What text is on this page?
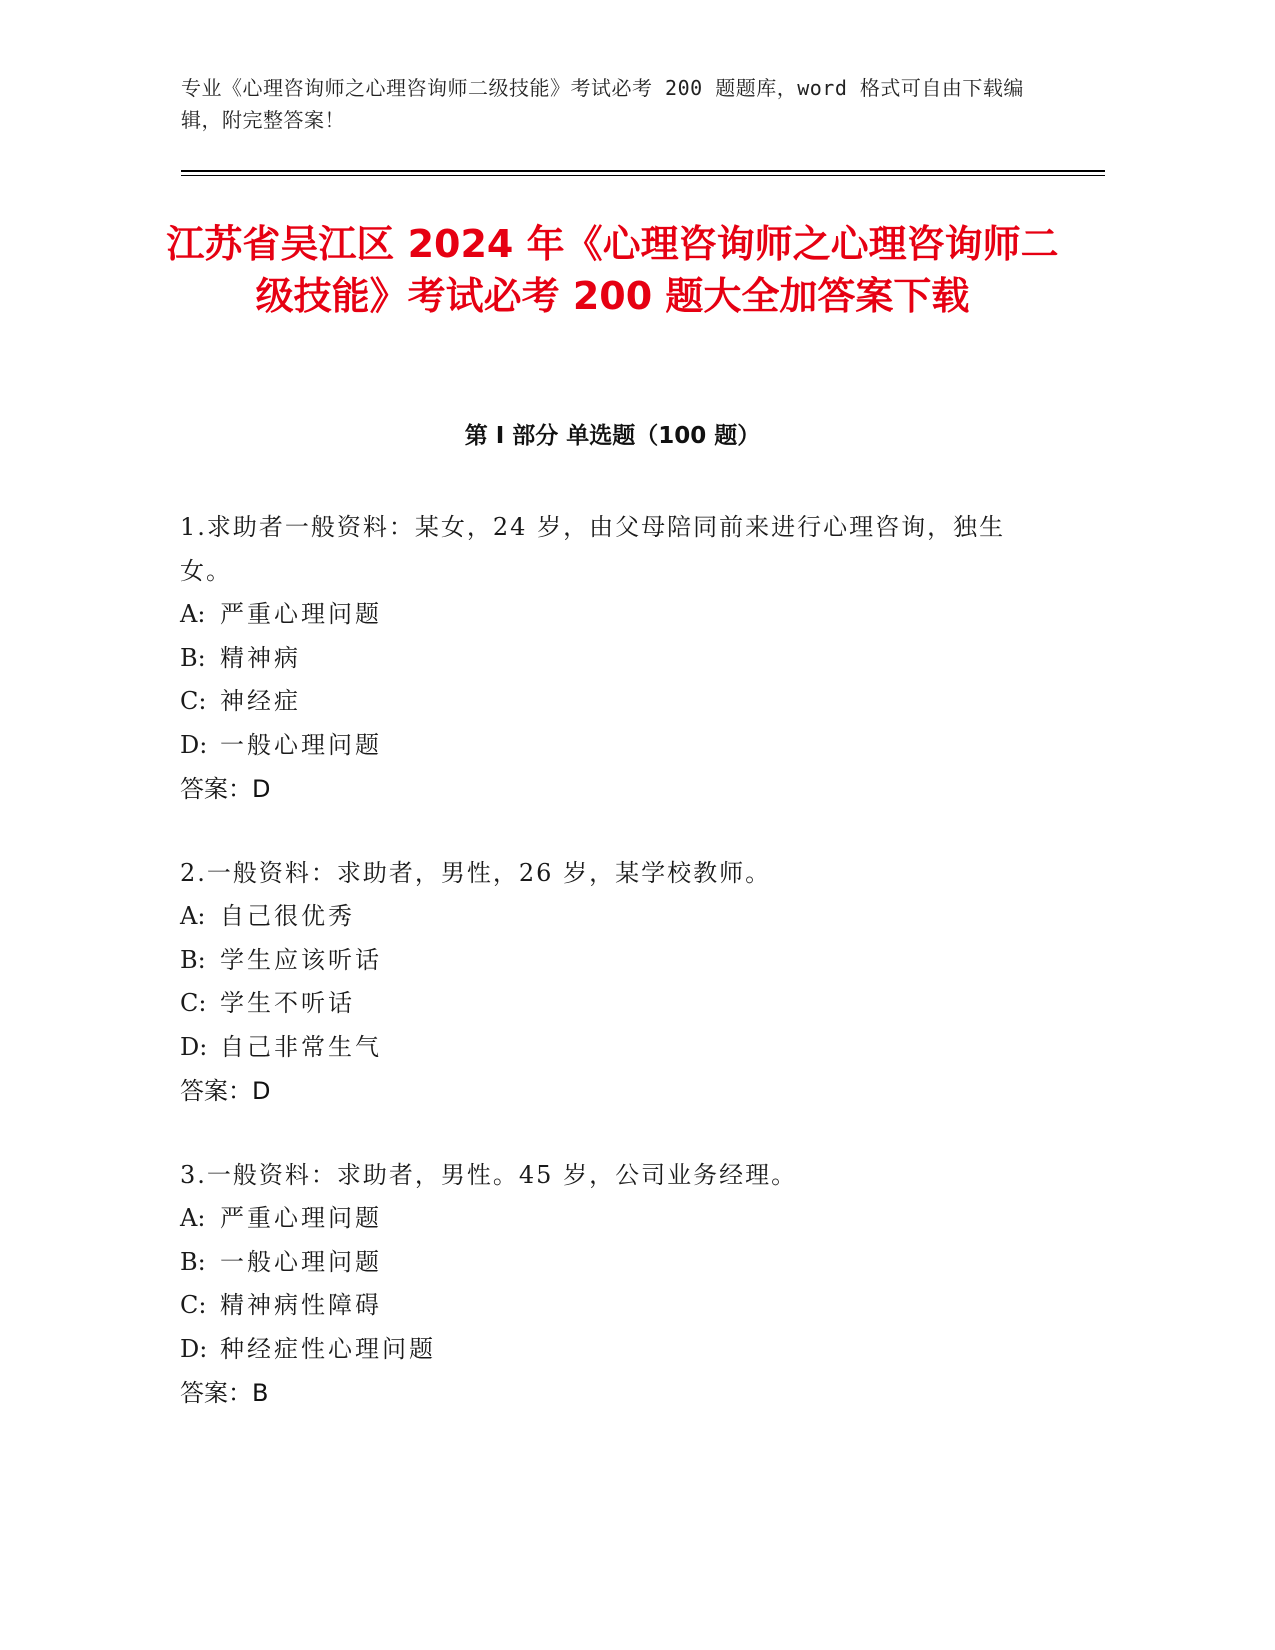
专业《心理咨询师之心理咨询师二级技能》考试必考 200 题题库，word 格式可自由下载编辑，附完整答案！
江苏省吴江区 2024 年《心理咨询师之心理咨询师二级技能》考试必考 200 题大全加答案下载
第 I 部分 单选题（100 题）
1.求助者一般资料：某女，24 岁，由父母陪同前来进行心理咨询，独生女。
A: 严重心理问题
B: 精神病
C: 神经症
D: 一般心理问题
答案：D
2.一般资料：求助者，男性，26 岁，某学校教师。
A: 自己很优秀
B: 学生应该听话
C: 学生不听话
D: 自己非常生气
答案：D
3.一般资料：求助者，男性。45 岁，公司业务经理。
A: 严重心理问题
B: 一般心理问题
C: 精神病性障碍
D: 种经症性心理问题
答案：B
